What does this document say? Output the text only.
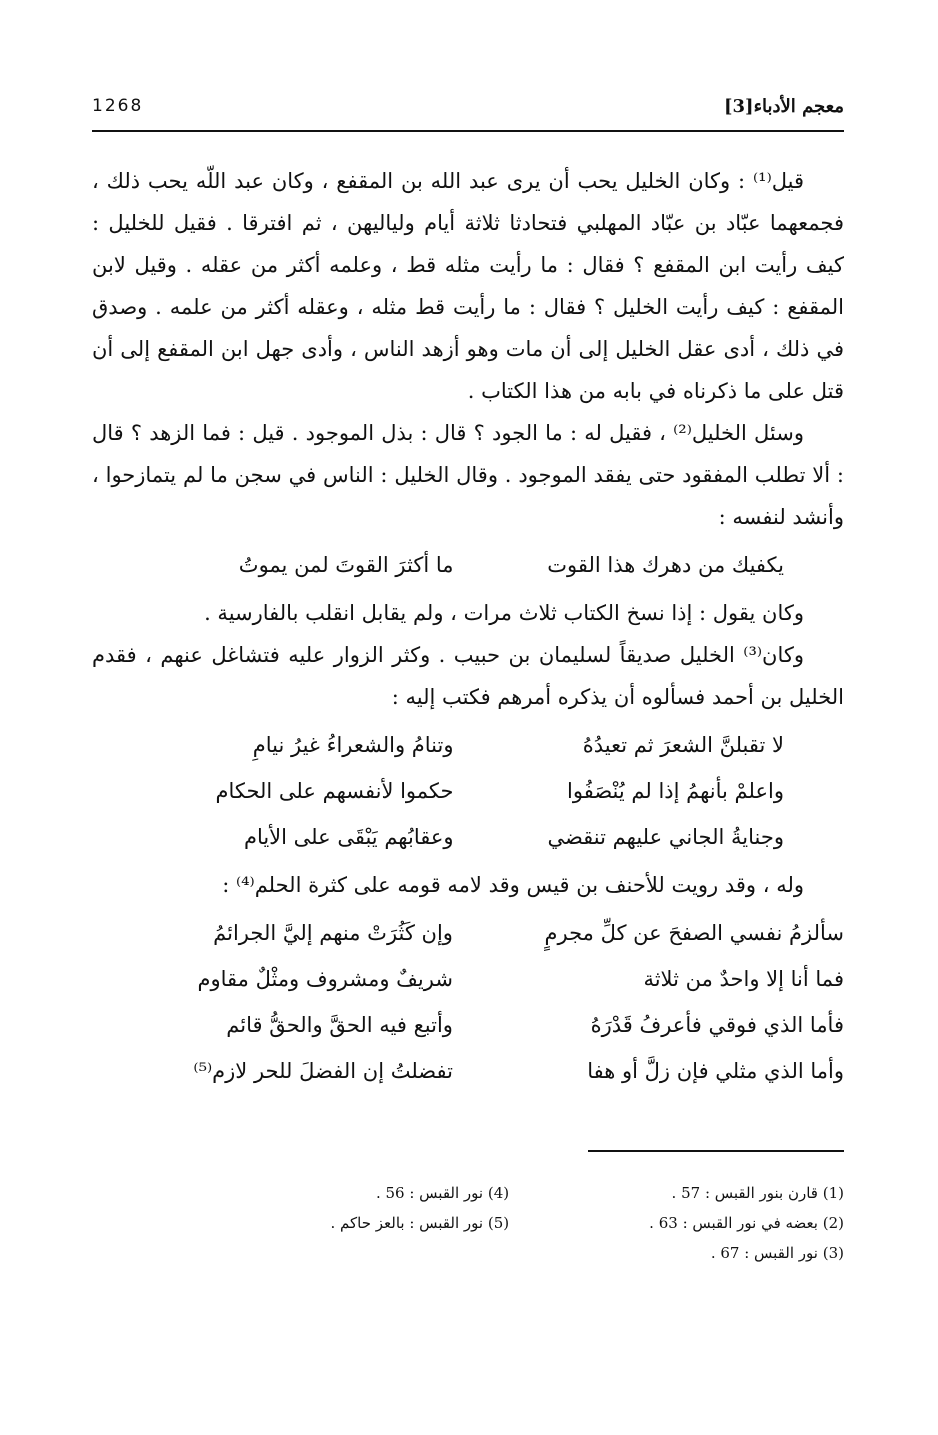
معجم الأدباء[3]
1268

قيل⁽¹⁾ : وكان الخليل يحب أن يرى عبد الله بن المقفع ، وكان عبد اللّه يحب ذلك ، فجمعهما عبّاد بن عبّاد المهلبي فتحادثا ثلاثة أيام ولياليهن ، ثم افترقا . فقيل للخليل : كيف رأيت ابن المقفع ؟ فقال : ما رأيت مثله قط ، وعلمه أكثر من عقله . وقيل لابن المقفع : كيف رأيت الخليل ؟ فقال : ما رأيت قط مثله ، وعقله أكثر من علمه . وصدق في ذلك ، أدى عقل الخليل إلى أن مات وهو أزهد الناس ، وأدى جهل ابن المقفع إلى أن قتل على ما ذكرناه في بابه من هذا الكتاب .

وسئل الخليل⁽²⁾ ، فقيل له : ما الجود ؟ قال : بذل الموجود . قيل : فما الزهد ؟ قال : ألا تطلب المفقود حتى يفقد الموجود . وقال الخليل : الناس في سجن ما لم يتمازحوا ، وأنشد لنفسه :

يكفيك من دهرك هذا القوت
ما أكثرَ القوتَ لمن يموتُ

وكان يقول : إذا نسخ الكتاب ثلاث مرات ، ولم يقابل انقلب بالفارسية .

وكان⁽³⁾ الخليل صديقاً لسليمان بن حبيب . وكثر الزوار عليه فتشاغل عنهم ، فقدم الخليل بن أحمد فسألوه أن يذكره أمرهم فكتب إليه :

لا تقبلنَّ الشعرَ ثم تعيدُهُ
وتنامُ والشعراءُ غيرُ نيامِ
واعلمْ بأنهمُ إذا لم يُنْصَفُوا
حكموا لأنفسهم على الحكام
وجنايةُ الجاني عليهم تنقضي
وعقابُهم يَبْقَى على الأيام

وله ، وقد رويت للأحنف بن قيس وقد لامه قومه على كثرة الحلم⁽⁴⁾ :

سألزمُ نفسي الصفحَ عن كلِّ مجرمٍ
وإن كَثُرَتْ منهم إليَّ الجرائمُ
فما أنا إلا واحدٌ من ثلاثة
شريفٌ ومشروف ومثْلٌ مقاوم
فأما الذي فوقي فأعرفُ قَدْرَهُ
وأتبع فيه الحقَّ والحقُّ قائم
وأما الذي مثلي فإن زلَّ أو هفا
تفضلتُ إن الفضلَ للحر لازم⁽⁵⁾
(1) قارن بنور القبس : 57 .
(2) بعضه في نور القبس : 63 .
(3) نور القبس : 67 .
(4) نور القبس : 56 .
(5) نور القبس : بالعز حاكم .
